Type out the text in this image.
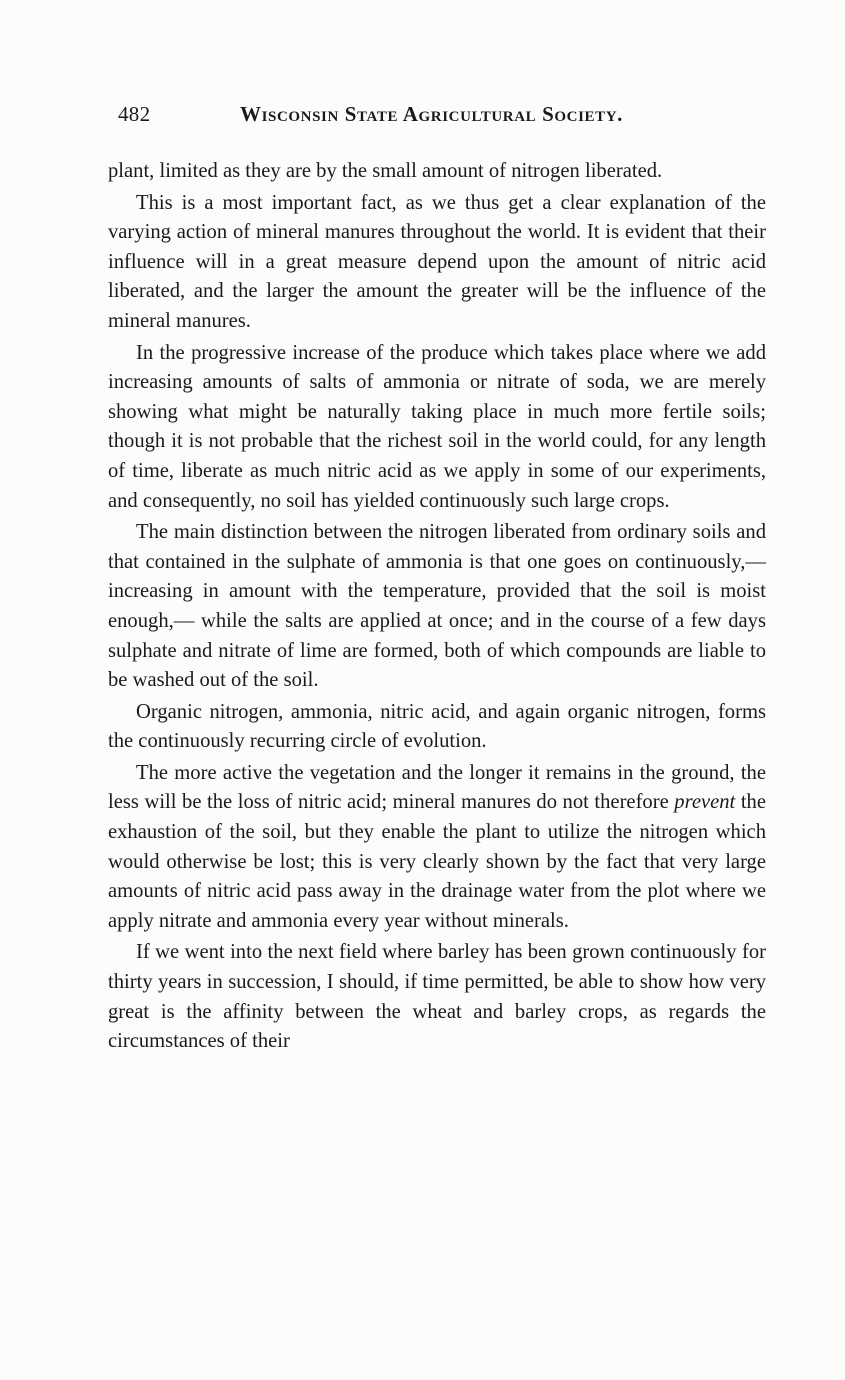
482	Wisconsin State Agricultural Society.

plant, limited as they are by the small amount of nitrogen liberated.

This is a most important fact, as we thus get a clear explanation of the varying action of mineral manures throughout the world. It is evident that their influence will in a great measure depend upon the amount of nitric acid liberated, and the larger the amount the greater will be the influence of the mineral manures.

In the progressive increase of the produce which takes place where we add increasing amounts of salts of ammonia or nitrate of soda, we are merely showing what might be naturally taking place in much more fertile soils; though it is not probable that the richest soil in the world could, for any length of time, liberate as much nitric acid as we apply in some of our experiments, and consequently, no soil has yielded continuously such large crops.

The main distinction between the nitrogen liberated from ordinary soils and that contained in the sulphate of ammonia is that one goes on continuously,— increasing in amount with the temperature, provided that the soil is moist enough,— while the salts are applied at once; and in the course of a few days sulphate and nitrate of lime are formed, both of which compounds are liable to be washed out of the soil.

Organic nitrogen, ammonia, nitric acid, and again organic nitrogen, forms the continuously recurring circle of evolution.

The more active the vegetation and the longer it remains in the ground, the less will be the loss of nitric acid; mineral manures do not therefore prevent the exhaustion of the soil, but they enable the plant to utilize the nitrogen which would otherwise be lost; this is very clearly shown by the fact that very large amounts of nitric acid pass away in the drainage water from the plot where we apply nitrate and ammonia every year without minerals.

If we went into the next field where barley has been grown continuously for thirty years in succession, I should, if time permitted, be able to show how very great is the affinity between the wheat and barley crops, as regards the circumstances of their
